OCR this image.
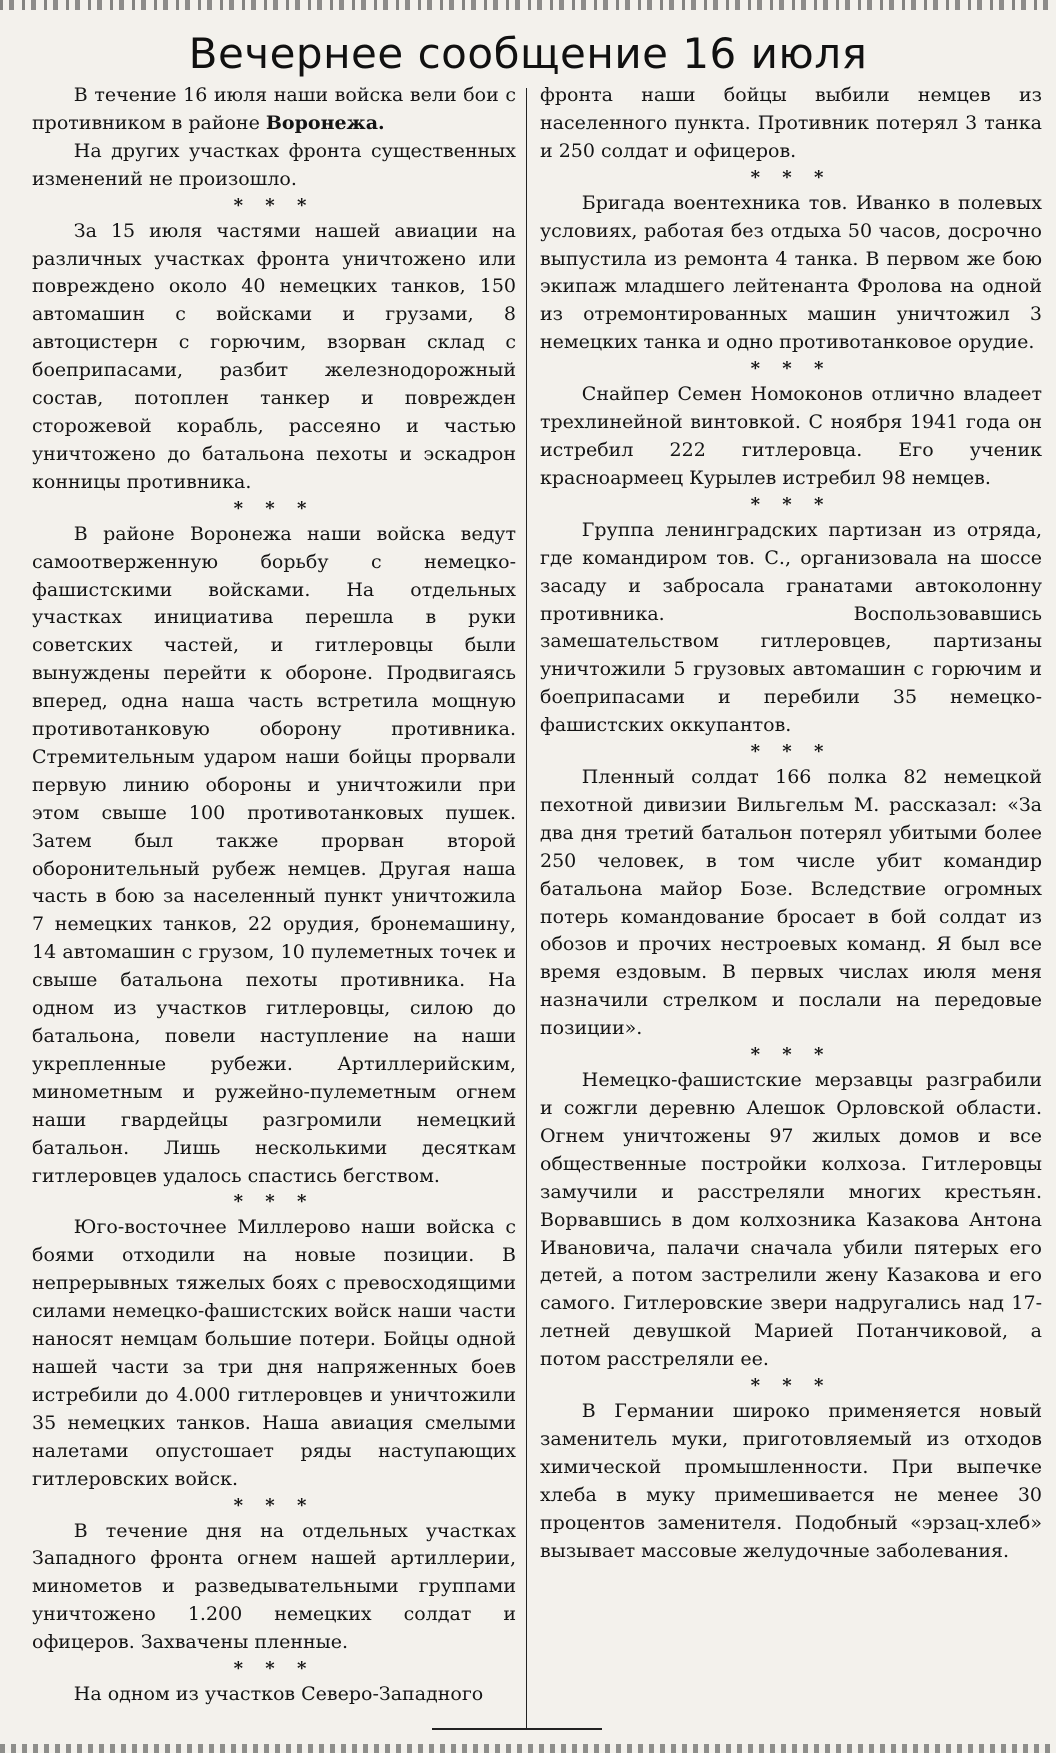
Вечернее сообщение 16 июля

В течение 16 июля наши войска вели бои с противником в районе Воронежа.

На других участках фронта существенных изменений не произошло.

* * *

За 15 июля частями нашей авиации на различных участках фронта уничтожено или повреждено около 40 немецких танков, 150 автомашин с войсками и грузами, 8 автоцистерн с горючим, взорван склад с боеприпасами, разбит железнодорожный состав, потоплен танкер и поврежден сторожевой корабль, рассеяно и частью уничтожено до батальона пехоты и эскадрон конницы противника.

* * *

В районе Воронежа наши войска ведут самоотверженную борьбу с немецко-фашистскими войсками. На отдельных участках инициатива перешла в руки советских частей, и гитлеровцы были вынуждены перейти к обороне. Продвигаясь вперед, одна наша часть встретила мощную противотанковую оборону противника. Стремительным ударом наши бойцы прорвали первую линию обороны и уничтожили при этом свыше 100 противотанковых пушек. Затем был также прорван второй оборонительный рубеж немцев. Другая наша часть в бою за населенный пункт уничтожила 7 немецких танков, 22 орудия, бронемашину, 14 автомашин с грузом, 10 пулеметных точек и свыше батальона пехоты противника. На одном из участков гитлеровцы, силою до батальона, повели наступление на наши укрепленные рубежи. Артиллерийским, минометным и ружейно-пулеметным огнем наши гвардейцы разгромили немецкий батальон. Лишь несколькими десяткам гитлеровцев удалось спастись бегством.

* * *

Юго-восточнее Миллерово наши войска с боями отходили на новые позиции. В непрерывных тяжелых боях с превосходящими силами немецко-фашистских войск наши части наносят немцам большие потери. Бойцы одной нашей части за три дня напряженных боев истребили до 4.000 гитлеровцев и уничтожили 35 немецких танков. Наша авиация смелыми налетами опустошает ряды наступающих гитлеровских войск.

* * *

В течение дня на отдельных участках Западного фронта огнем нашей артиллерии, минометов и разведывательными группами уничтожено 1.200 немецких солдат и офицеров. Захвачены пленные.

* * *

На одном из участков Северо-Западного

фронта наши бойцы выбили немцев из населенного пункта. Противник потерял 3 танка и 250 солдат и офицеров.

* * *

Бригада воентехника тов. Иванко в полевых условиях, работая без отдыха 50 часов, досрочно выпустила из ремонта 4 танка. В первом же бою экипаж младшего лейтенанта Фролова на одной из отремонтированных машин уничтожил 3 немецких танка и одно противотанковое орудие.

* * *

Снайпер Семен Номоконов отлично владеет трехлинейной винтовкой. С ноября 1941 года он истребил 222 гитлеровца. Его ученик красноармеец Курылев истребил 98 немцев.

* * *

Группа ленинградских партизан из отряда, где командиром тов. С., организовала на шоссе засаду и забросала гранатами автоколонну противника. Воспользовавшись замешательством гитлеровцев, партизаны уничтожили 5 грузовых автомашин с горючим и боеприпасами и перебили 35 немецко-фашистских оккупантов.

* * *

Пленный солдат 166 полка 82 немецкой пехотной дивизии Вильгельм М. рассказал: «За два дня третий батальон потерял убитыми более 250 человек, в том числе убит командир батальона майор Бозе. Вследствие огромных потерь командование бросает в бой солдат из обозов и прочих нестроевых команд. Я был все время ездовым. В первых числах июля меня назначили стрелком и послали на передовые позиции».

* * *

Немецко-фашистские мерзавцы разграбили и сожгли деревню Алешок Орловской области. Огнем уничтожены 97 жилых домов и все общественные постройки колхоза. Гитлеровцы замучили и расстреляли многих крестьян. Ворвавшись в дом колхозника Казакова Антона Ивановича, палачи сначала убили пятерых его детей, а потом застрелили жену Казакова и его самого. Гитлеровские звери надругались над 17-летней девушкой Марией Потанчиковой, а потом расстреляли ее.

* * *

В Германии широко применяется новый заменитель муки, приготовляемый из отходов химической промышленности. При выпечке хлеба в муку примешивается не менее 30 процентов заменителя. Подобный «эрзац-хлеб» вызывает массовые желудочные заболевания.
